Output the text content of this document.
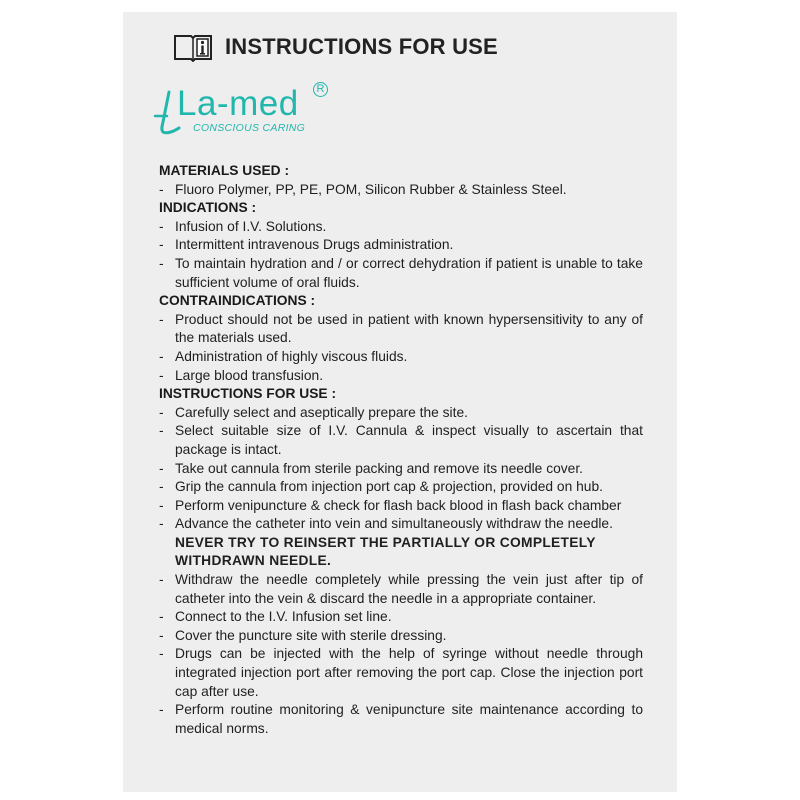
INSTRUCTIONS FOR USE
La-med	R
CONSCIOUS CARING

MATERIALS USED :

- Fluoro Polymer, PP, PE, POM, Silicon Rubber & Stainless Steel.

INDICATIONS :

- Infusion of I.V. Solutions.
- Intermittent intravenous Drugs administration.
- To maintain hydration and / or correct dehydration if patient is unable to take sufficient volume of oral fluids.

CONTRAINDICATIONS :

- Product should not be used in patient with known hypersensitivity to any of the materials used.
- Administration of highly viscous fluids.
- Large blood transfusion.

INSTRUCTIONS FOR USE :

- Carefully select and aseptically prepare the site.
- Select suitable size of I.V. Cannula & inspect visually to ascertain that package is intact.
- Take out cannula from sterile packing and remove its needle cover.
- Grip the cannula from injection port cap & projection, provided on hub.
- Perform venipuncture & check for flash back blood in flash back chamber
- Advance the catheter into vein and simultaneously withdraw the needle.
NEVER TRY TO REINSERT THE PARTIALLY OR COMPLETELY WITHDRAWN NEEDLE.
- Withdraw the needle completely while pressing the vein just after tip of catheter into the vein & discard the needle in a appropriate container.
- Connect to the I.V. Infusion set line.
- Cover the puncture site with sterile dressing.
- Drugs can be injected with the help of syringe without needle through integrated injection port after removing the port cap. Close the injection port cap after use.
- Perform routine monitoring & venipuncture site maintenance according to medical norms.
